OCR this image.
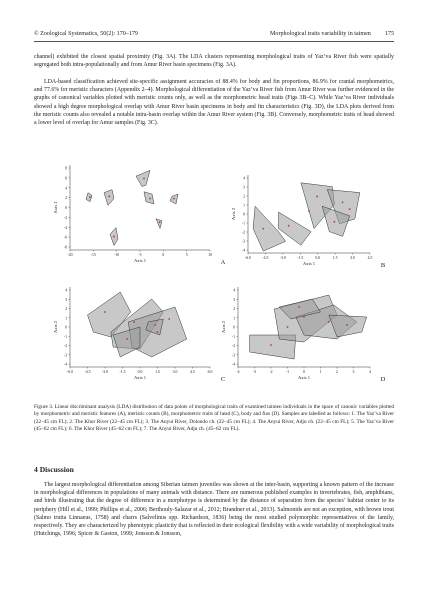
© Zoological Systematics, 50(2): 170–179	Morphological traits variability in taimen 175

channel) exhibited the closest spatial proximity (Fig. 3A). The LDA clusters representing morphological traits of Yaz’va River fish were spatially segregated both intra-populationally and from Amur River basin specimens (Fig. 3A).

LDA-based classification achieved site-specific assignment accuracies of 88.4% for body and fin proportions, 86.9% for cranial morphometrics, and 77.6% for meristic characters (Appendix 2–4). Morphological differentiation of the Yaz’va River fish from Amur River was further evidenced in the graphs of canonical variables plotted with meristic counts only, as well as the morphometric head traits (Figs 3B–C). While Yaz’va River individuals showed a high degree morphological overlap with Amur River basin specimens in body and fin characteristics (Fig. 3D), the LDA plots derived from the meristic counts also revealed a notable intra-basin overlap within the Amur River system (Fig. 3B). Conversely, morphometric traits of head showed a lower level of overlap for Amur samples (Fig. 3C).

8
6
4
2
0
-2
-4
-6
-8
-20	-15	-10	-5	0	5	10
Axis 1
Axis 2
A
4
3
2
1
0
-1
-2
-3
-4
-6.0	-4.5	-3.0	-1.5	0.0	1.5	3.0	4.5
Axis 1
Axis 2
B
4
3
2
1
0
-1
-2
-3
-4
-6.0	-4.5	-3.0	-1.5	0.0	1.5	3.0	4.5	6.0
Axis 1
Axis 2
C
4
3
2
1
0
-1
-2
-3
-4
-4	-3	-2	-1	0	1	2	3	4
Axis 1
Axis 2
D

Figure 3. Linear discriminant analysis (LDA) distribution of data points of morphological traits of examined taimen individuals in the space of canonic variables plotted by morphometric and meristic features (A), meristic counts (B), morphometric traits of head (C), body and fins (D). Samples are labelled as follows: 1. The Yaz’va River (22–45 cm FL); 2. The Khor River (22–45 cm FL); 3. The Anyui River, Dolondo ch. (22–45 cm FL); 4. The Anyui River, Adju ch. (22–45 cm FL); 5. The Yaz’va River (45–62 cm FL); 6. The Khor River (45–62 cm FL); 7. The Anyui River, Adju ch. (45–62 cm FL).

4 Discussion

The largest morphological differentiation among Siberian taimen juveniles was shown at the inter-basin, supporting a known pattern of the increase in morphological differences in populations of many animals with distance. There are numerous published examples in invertebrates, fish, amphibians, and birds illustrating that the degree of difference in a morphotype is determined by the distance of separation from the species’ habitat center to its periphery (Hill et al., 1999; Phillips et al., 2006; Berthouly-Salazar et al., 2012; Brandner et al., 2013). Salmonids are not an exception, with brown trout (Salmo trutta Linnaeus, 1758) and charrs (Salvelinus spp. Richardson, 1836) being the most studied polymorphic representatives of the family, respectively. They are characterized by phenotypic plasticity that is reflected in their ecological flexibility with a wide variability of morphological traits (Hutchings, 1996; Spicer & Gaston, 1999; Jonsson & Jonsson,
